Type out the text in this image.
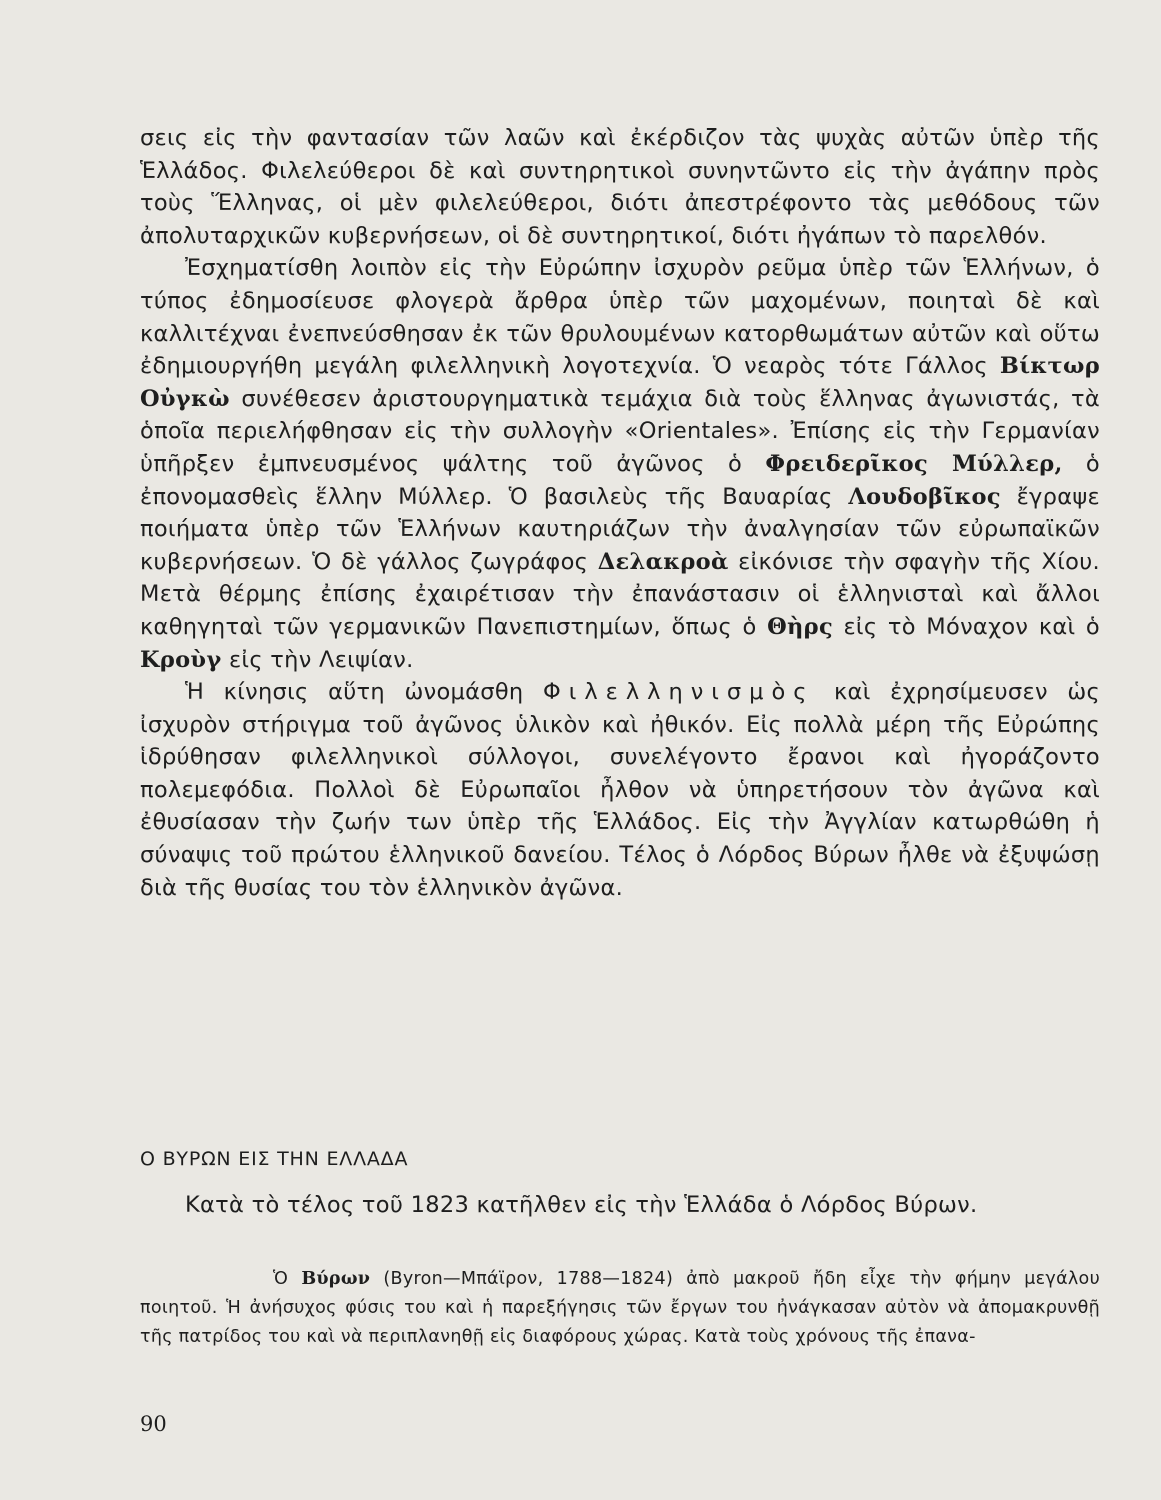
σεις εἰς τὴν φαντασίαν τῶν λαῶν καὶ ἐκέρδιζον τὰς ψυχὰς αὐτῶν ὑπὲρ τῆς Ἑλλάδος. Φιλελεύθεροι δὲ καὶ συντηρητικοὶ συνηντῶντο εἰς τὴν ἀγάπην πρὸς τοὺς Ἕλληνας, οἱ μὲν φιλελεύθεροι, διότι ἀπεστρέφοντο τὰς μεθόδους τῶν ἀπολυταρχικῶν κυβερνήσεων, οἱ δὲ συντηρητικοί, διότι ἠγάπων τὸ παρελθόν.

Ἐσχηματίσθη λοιπὸν εἰς τὴν Εὐρώπην ἰσχυρὸν ρεῦμα ὑπὲρ τῶν Ἑλλήνων, ὁ τύπος ἐδημοσίευσε φλογερὰ ἄρθρα ὑπὲρ τῶν μαχομένων, ποιηταὶ δὲ καὶ καλλιτέχναι ἐνεπνεύσθησαν ἐκ τῶν θρυλουμένων κατορθωμάτων αὐτῶν καὶ οὕτω ἐδημιουργήθη μεγάλη φιλελληνικὴ λογοτεχνία. Ὁ νεαρὸς τότε Γάλλος Βίκτωρ Οὐγκὼ συνέθεσεν ἀριστουργηματικὰ τεμάχια διὰ τοὺς ἕλληνας ἀγωνιστάς, τὰ ὁποῖα περιελήφθησαν εἰς τὴν συλλογὴν «Orientales». Ἐπίσης εἰς τὴν Γερμανίαν ὑπῆρξεν ἐμπνευσμένος ψάλτης τοῦ ἀγῶνος ὁ Φρειδερῖκος Μύλλερ, ὁ ἐπονομασθεὶς ἕλλην Μύλλερ. Ὁ βασιλεὺς τῆς Βαυαρίας Λουδοβῖκος ἔγραψε ποιήματα ὑπὲρ τῶν Ἑλλήνων καυτηριάζων τὴν ἀναλγησίαν τῶν εὐρωπαϊκῶν κυβερνήσεων. Ὁ δὲ γάλλος ζωγράφος Δελακροὰ εἰκόνισε τὴν σφαγὴν τῆς Χίου. Μετὰ θέρμης ἐπίσης ἐχαιρέτισαν τὴν ἐπανάστασιν οἱ ἑλληνισταὶ καὶ ἄλλοι καθηγηταὶ τῶν γερμανικῶν Πανεπιστημίων, ὅπως ὁ Θὴρς εἰς τὸ Μόναχον καὶ ὁ Κροὺγ εἰς τὴν Λειψίαν.

Ἡ κίνησις αὕτη ὠνομάσθη Φιλελληνισμὸς καὶ ἐχρησίμευσεν ὡς ἰσχυρὸν στήριγμα τοῦ ἀγῶνος ὑλικὸν καὶ ἠθικόν. Εἰς πολλὰ μέρη τῆς Εὐρώπης ἱδρύθησαν φιλελληνικοὶ σύλλογοι, συνελέγοντο ἔρανοι καὶ ἠγοράζοντο πολεμεφόδια. Πολλοὶ δὲ Εὐρωπαῖοι ἦλθον νὰ ὑπηρετήσουν τὸν ἀγῶνα καὶ ἐθυσίασαν τὴν ζωήν των ὑπὲρ τῆς Ἑλλάδος. Εἰς τὴν Ἀγγλίαν κατωρθώθη ἡ σύναψις τοῦ πρώτου ἑλληνικοῦ δανείου. Τέλος ὁ Λόρδος Βύρων ἦλθε νὰ ἐξυψώσῃ διὰ τῆς θυσίας του τὸν ἑλληνικὸν ἀγῶνα.

Ο ΒΥΡΩΝ ΕΙΣ ΤΗΝ ΕΛΛΑΔΑ

Κατὰ τὸ τέλος τοῦ 1823 κατῆλθεν εἰς τὴν Ἑλλάδα ὁ Λόρδος Βύρων.

Ὁ Βύρων (Byron—Μπάϊρον, 1788—1824) ἀπὸ μακροῦ ἤδη εἶχε τὴν φήμην μεγάλου ποιητοῦ. Ἡ ἀνήσυχος φύσις του καὶ ἡ παρεξήγησις τῶν ἔργων του ἠνάγκασαν αὐτὸν νὰ ἀπομακρυνθῇ τῆς πατρίδος του καὶ νὰ περιπλανηθῇ εἰς διαφόρους χώρας. Κατὰ τοὺς χρόνους τῆς ἐπανα-

90
